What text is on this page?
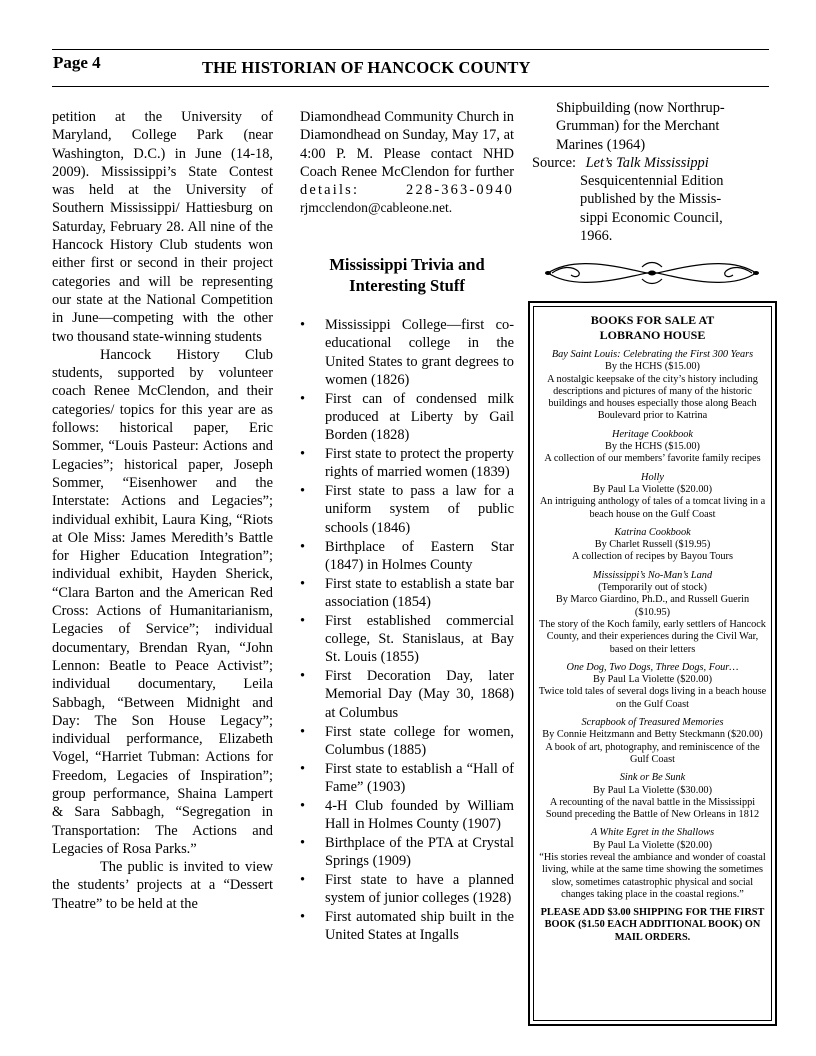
Page 4	THE HISTORIAN OF HANCOCK COUNTY

petition at the University of Maryland, College Park (near Washington, D.C.) in June (14-18, 2009). Mississippi’s State Contest was held at the University of Southern Mississippi/ Hattiesburg on Saturday, February 28. All nine of the Hancock History Club students won either first or second in their project categories and will be representing our state at the National Competition in June—competing with the other two thousand state-winning students

Hancock History Club students, supported by volunteer coach Renee McClendon, and their categories/ topics for this year are as follows: historical paper, Eric Sommer, “Louis Pasteur: Actions and Legacies”; historical paper, Joseph Sommer, “Eisenhower and the Interstate: Actions and Legacies”; individual exhibit, Laura King, “Riots at Ole Miss: James Meredith’s Battle for Higher Education Integration”; individual exhibit, Hayden Sherick, “Clara Barton and the American Red Cross: Actions of Humanitarianism, Legacies of Service”; individual documentary, Brendan Ryan, “John Lennon: Beatle to Peace Activist”; individual documentary, Leila Sabbagh, “Between Midnight and Day: The Son House Legacy”; individual performance, Elizabeth Vogel, “Harriet Tubman: Actions for Freedom, Legacies of Inspiration”; group performance, Shaina Lampert & Sara Sabbagh, “Segregation in Transportation: The Actions and Legacies of Rosa Parks.”

The public is invited to view the students’ projects at a “Dessert Theatre” to be held at the

Diamondhead Community Church in Diamondhead on Sunday, May 17, at 4:00 P. M. Please contact NHD Coach Renee McClendon for further details: 228-363-0940 rjmcclendon@cableone.net.

Mississippi Trivia and Interesting Stuff
• Mississippi College—first co-educational college in the United States to grant degrees to women (1826)
• First can of condensed milk produced at Liberty by Gail Borden (1828)
• First state to protect the property rights of married women (1839)
• First state to pass a law for a uniform system of public schools (1846)
• Birthplace of Eastern Star (1847) in Holmes County
• First state to establish a state bar association (1854)
• First established commercial college, St. Stanislaus, at Bay St. Louis (1855)
• First Decoration Day, later Memorial Day (May 30, 1868) at Columbus
• First state college for women, Columbus (1885)
• First state to establish a “Hall of Fame” (1903)
• 4-H Club founded by William Hall in Holmes County (1907)
• Birthplace of the PTA at Crystal Springs (1909)
• First state to have a planned system of junior colleges (1928)
• First automated ship built in the United States at Ingalls
Shipbuilding (now Northrup-
Grumman) for the Merchant
Marines (1964)
Source: Let’s Talk Mississippi
Sesquicentennial Edition
published by the Missis-
sippi Economic Council,
1966.
BOOKS FOR SALE AT
LOBRANO HOUSE
Bay Saint Louis: Celebrating the First 300 Years
By the HCHS ($15.00)
A nostalgic keepsake of the city’s history including descriptions and pictures of many of the historic buildings and houses especially those along Beach Boulevard prior to Katrina
Heritage Cookbook
By the HCHS ($15.00)
A collection of our members’ favorite family recipes
Holly
By Paul La Violette ($20.00)
An intriguing anthology of tales of a tomcat living in a beach house on the Gulf Coast
Katrina Cookbook
By Charlet Russell ($19.95)
A collection of recipes by Bayou Tours
Mississippi’s No-Man’s Land
(Temporarily out of stock)
By Marco Giardino, Ph.D., and Russell Guerin ($10.95)
The story of the Koch family, early settlers of Hancock County, and their experiences during the Civil War, based on their letters
One Dog, Two Dogs, Three Dogs, Four…
By Paul La Violette ($20.00)
Twice told tales of several dogs living in a beach house on the Gulf Coast
Scrapbook of Treasured Memories
By Connie Heitzmann and Betty Steckmann ($20.00)
A book of art, photography, and reminiscence of the Gulf Coast
Sink or Be Sunk
By Paul La Violette ($30.00)
A recounting of the naval battle in the Mississippi Sound preceding the Battle of New Orleans in 1812
A White Egret in the Shallows
By Paul La Violette ($20.00)
“His stories reveal the ambiance and wonder of coastal living, while at the same time showing the sometimes slow, sometimes catastrophic physical and social changes taking place in the coastal regions.”
PLEASE ADD $3.00 SHIPPING FOR THE FIRST BOOK ($1.50 EACH ADDITIONAL BOOK) ON MAIL ORDERS.
